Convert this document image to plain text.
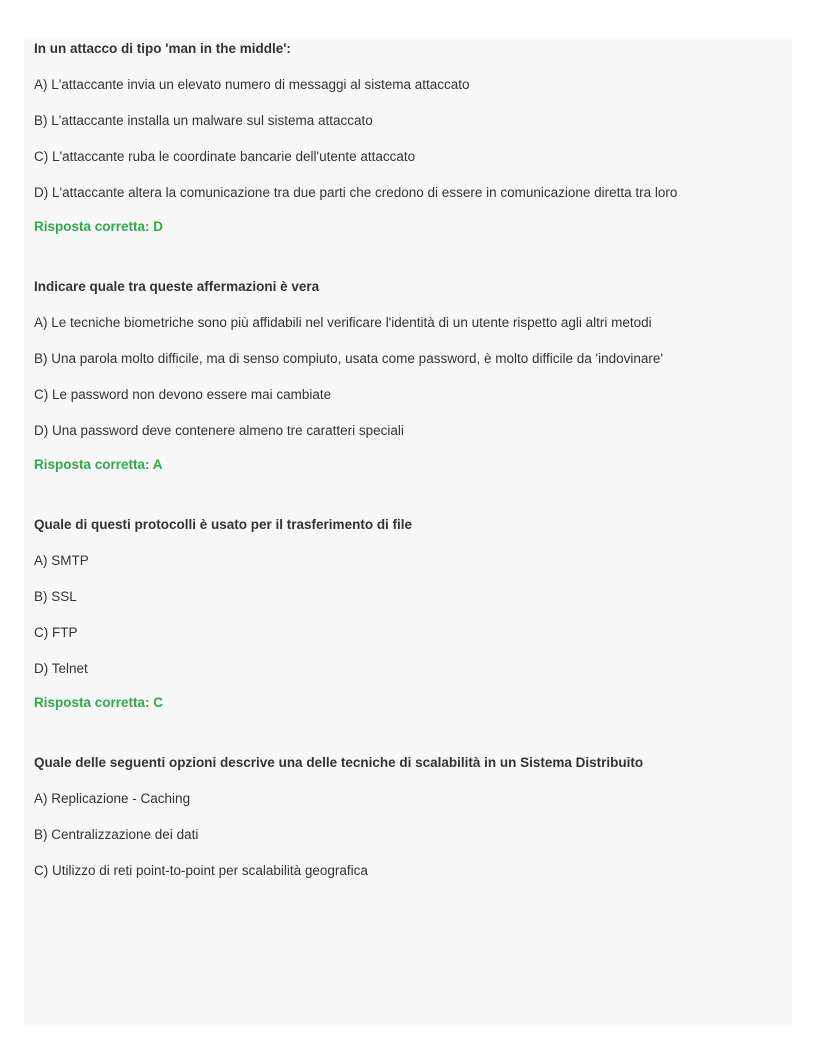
In un attacco di tipo 'man in the middle':

A) L'attaccante invia un elevato numero di messaggi al sistema attaccato

B) L'attaccante installa un malware sul sistema attaccato

C) L'attaccante ruba le coordinate bancarie dell'utente attaccato

D) L'attaccante altera la comunicazione tra due parti che credono di essere in comunicazione diretta tra loro

Risposta corretta: D

Indicare quale tra queste affermazioni è vera

A) Le tecniche biometriche sono più affidabili nel verificare l'identità di un utente rispetto agli altri metodi

B) Una parola molto difficile, ma di senso compiuto, usata come password, è molto difficile da 'indovinare'

C) Le password non devono essere mai cambiate

D) Una password deve contenere almeno tre caratteri speciali

Risposta corretta: A

Quale di questi protocolli è usato per il trasferimento di file

A) SMTP

B) SSL

C) FTP

D) Telnet

Risposta corretta: C

Quale delle seguenti opzioni descrive una delle tecniche di scalabilità in un Sistema Distribuito

A) Replicazione - Caching

B) Centralizzazione dei dati

C) Utilizzo di reti point-to-point per scalabilità geografica
